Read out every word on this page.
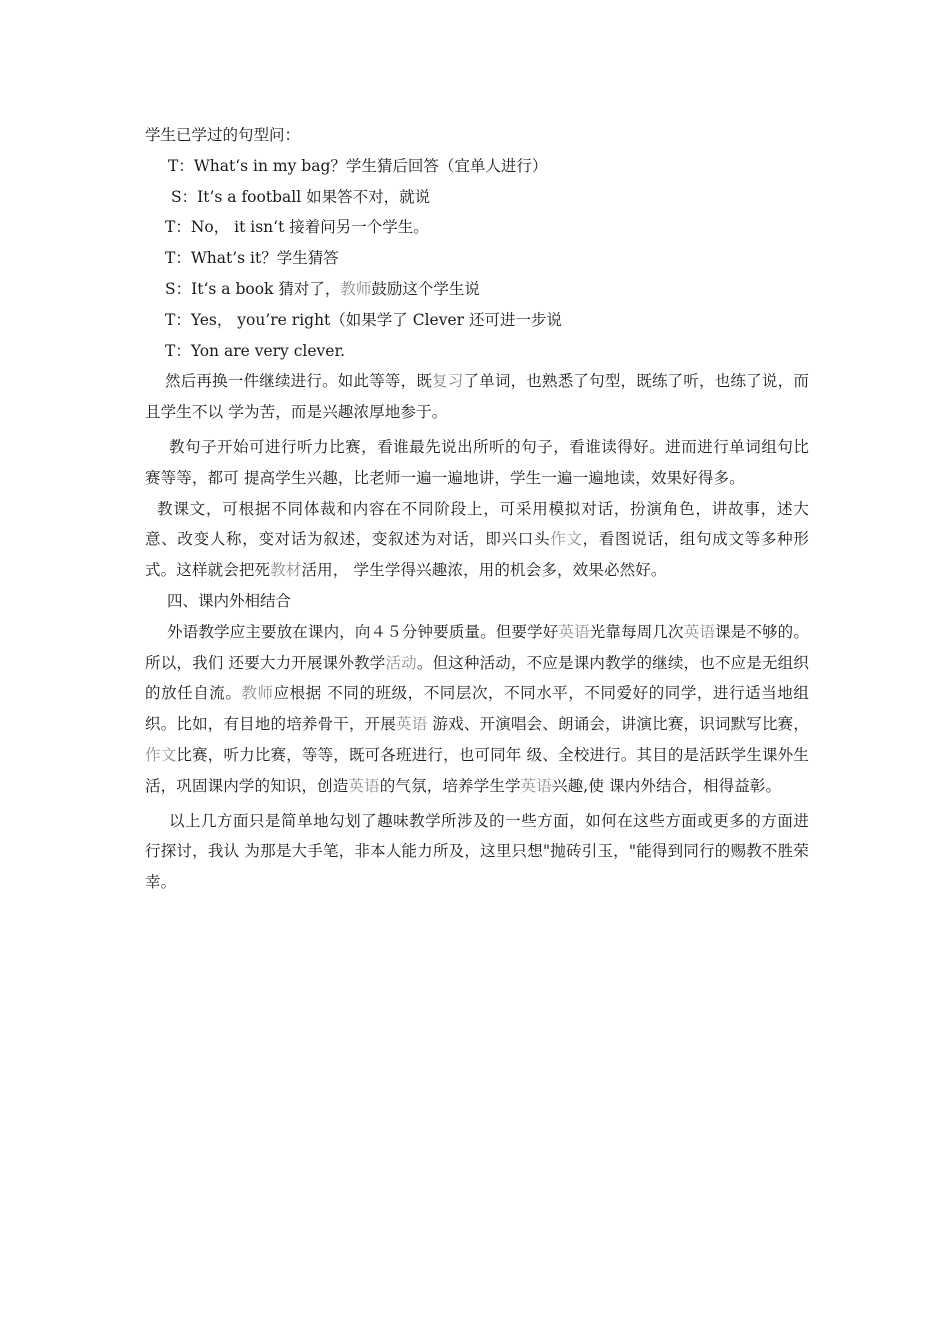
学生已学过的句型问：
T：What‘s in my bag？学生猜后回答（宜单人进行）
S：It’s a football 如果答不对，就说
T：No， it isn‘t 接着问另一个学生。
T：What’s it？学生猜答
S：It‘s a book 猜对了，教师鼓励这个学生说
T：Yes， you’re right（如果学了 Clever 还可进一步说
T：Yon are very clever.
然后再换一件继续进行。如此等等，既复习了单词，也熟悉了句型，既练了听，也练了说，而且学生不以 学为苦，而是兴趣浓厚地参于。
教句子开始可进行听力比赛，看谁最先说出所听的句子，看谁读得好。进而进行单词组句比赛等等，都可 提高学生兴趣，比老师一遍一遍地讲，学生一遍一遍地读，效果好得多。
教课文，可根据不同体裁和内容在不同阶段上，可采用模拟对话，扮演角色，讲故事，述大意、改变人称，变对话为叙述，变叙述为对话，即兴口头作文，看图说话，组句成文等多种形式。这样就会把死教材活用， 学生学得兴趣浓，用的机会多，效果必然好。
四、课内外相结合
外语教学应主要放在课内，向４５分钟要质量。但要学好英语光靠每周几次英语课是不够的。所以，我们 还要大力开展课外教学活动。但这种活动，不应是课内教学的继续，也不应是无组织的放任自流。教师应根据 不同的班级，不同层次，不同水平，不同爱好的同学，进行适当地组织。比如，有目地的培养骨干，开展英语 游戏、开演唱会、朗诵会，讲演比赛，识词默写比赛，作文比赛，听力比赛，等等，既可各班进行，也可同年 级、全校进行。其目的是活跃学生课外生活，巩固课内学的知识，创造英语的气氛，培养学生学英语兴趣,使 课内外结合，相得益彰。
以上几方面只是简单地勾划了趣味教学所涉及的一些方面，如何在这些方面或更多的方面进行探讨，我认 为那是大手笔，非本人能力所及，这里只想"抛砖引玉，"能得到同行的赐教不胜荣幸。
